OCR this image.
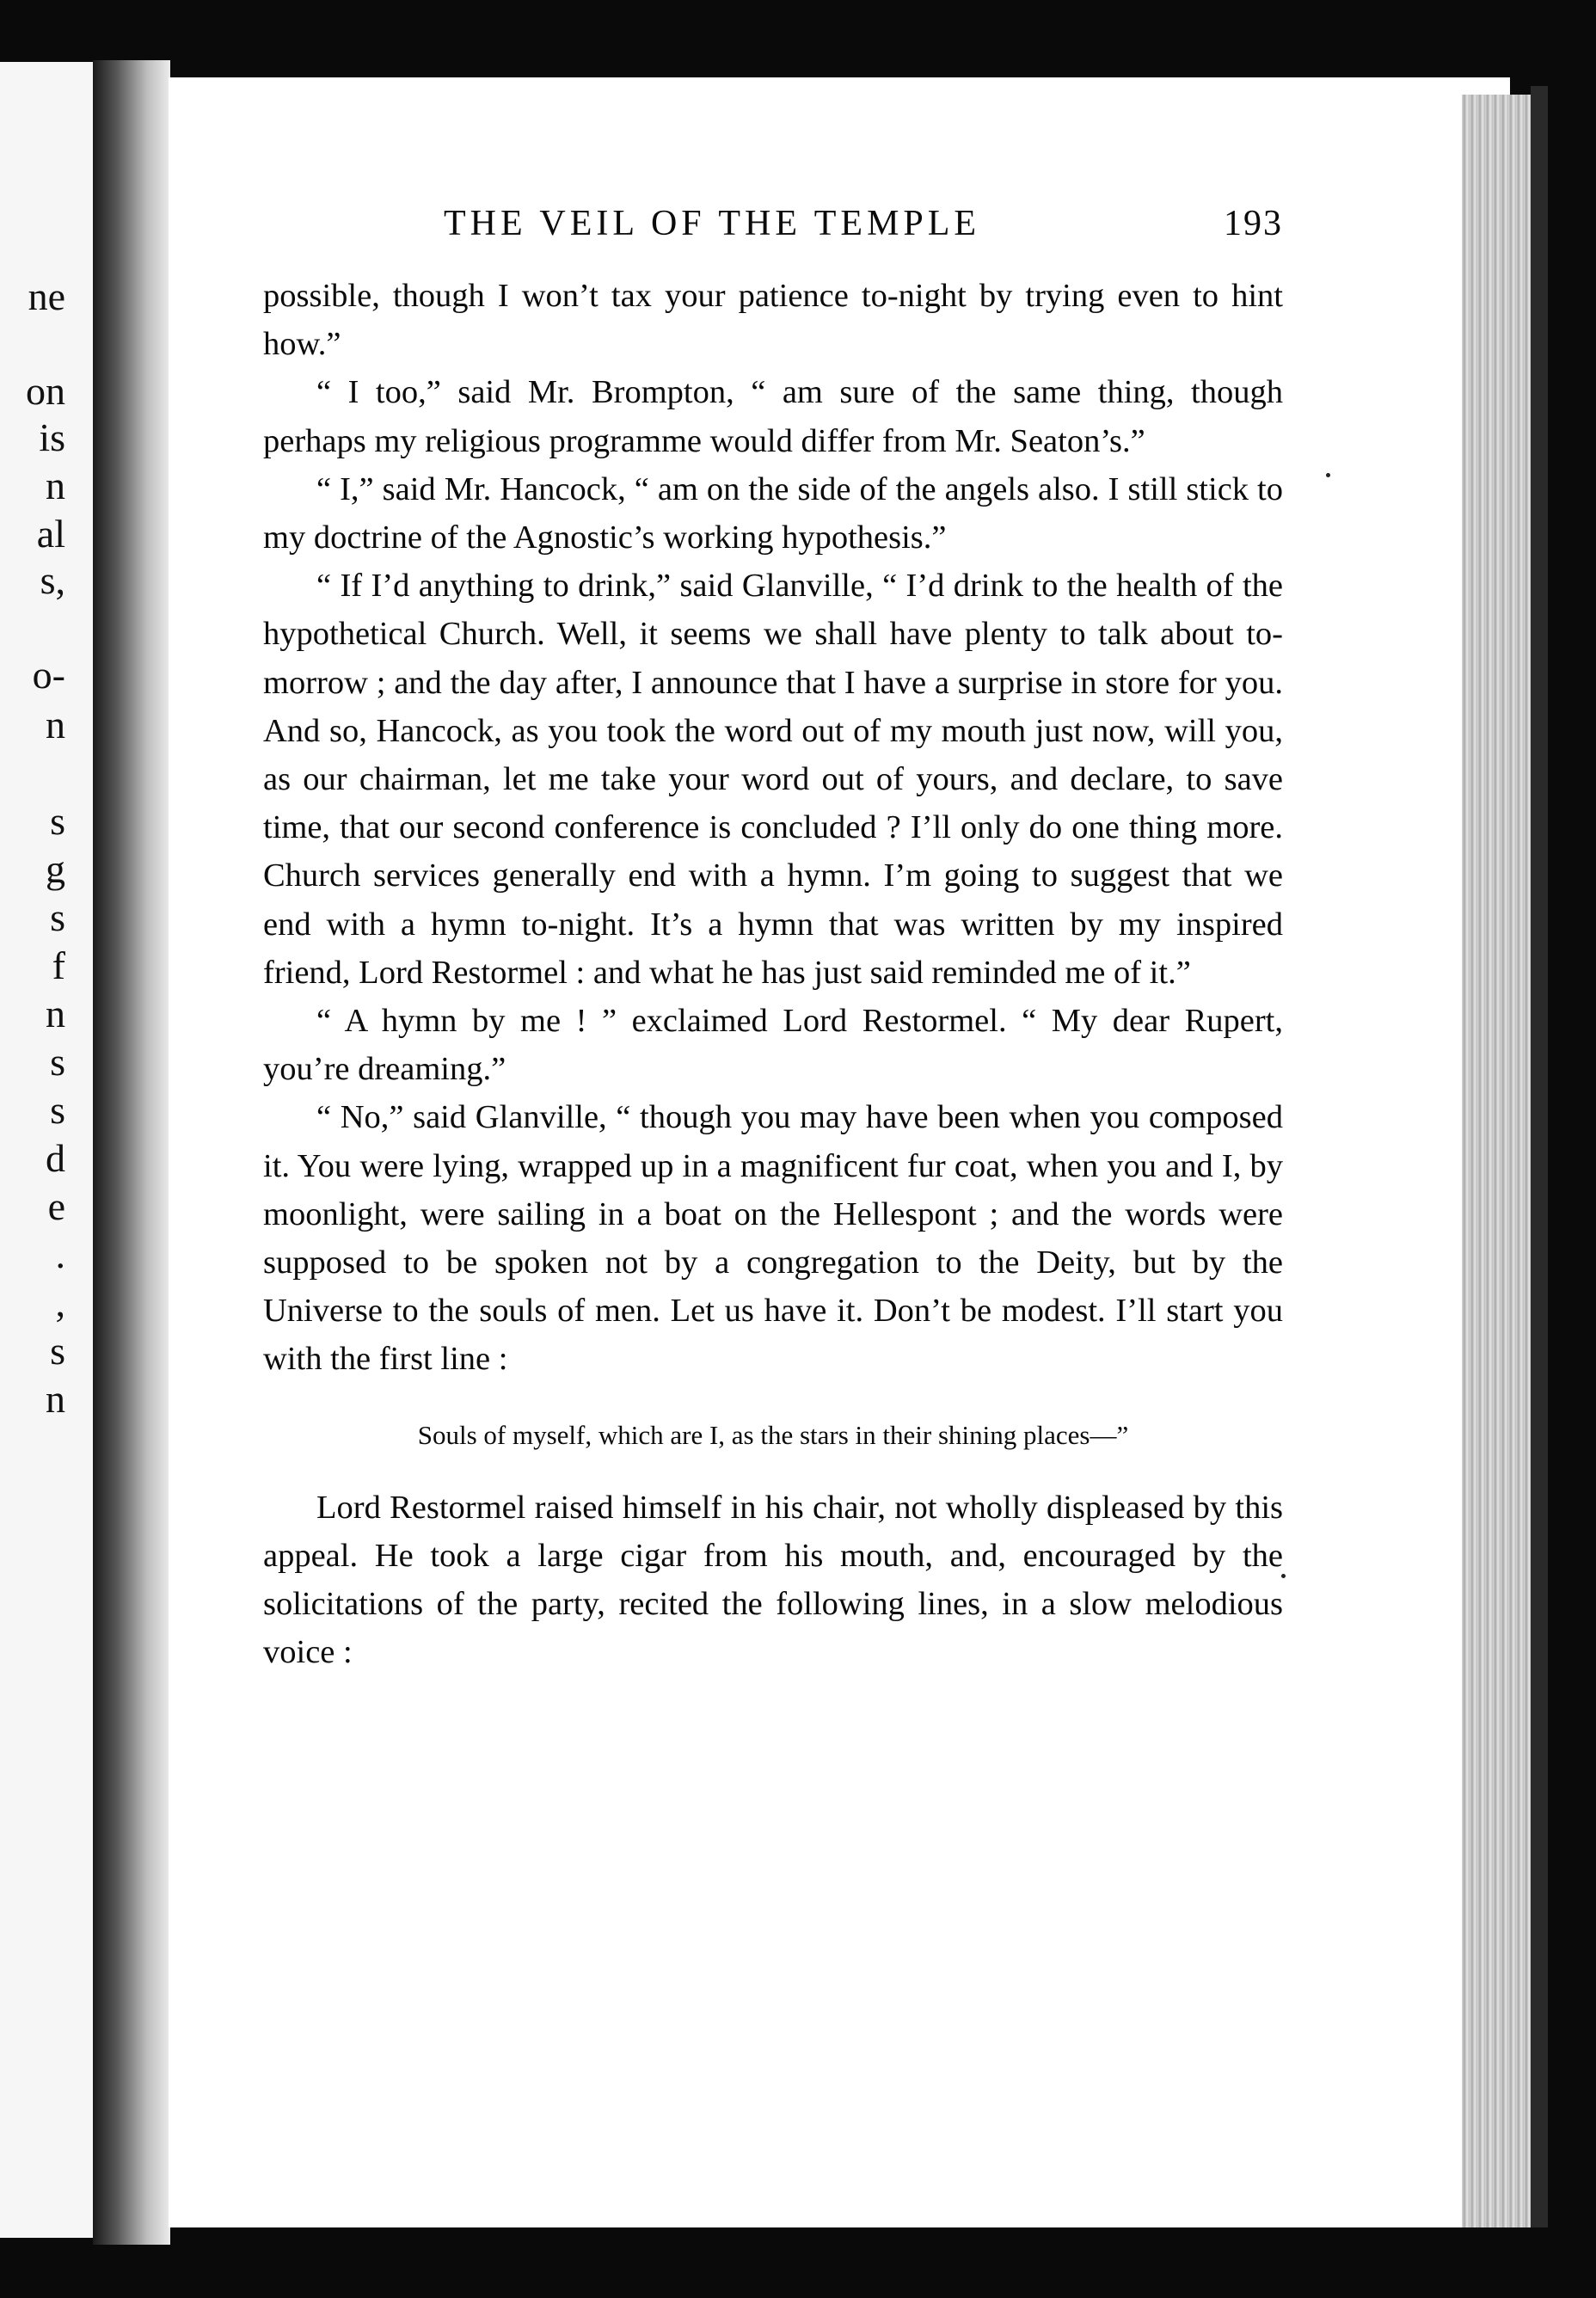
ne
on
is
n
al
s,
o-
n
s
g
s
f
n
s
s
d
e
.
,
s
n
THE VEIL OF THE TEMPLE	193

possible, though I won’t tax your patience to-night by trying even to hint how.”

“ I too,” said Mr. Brompton, “ am sure of the same thing, though perhaps my religious programme would differ from Mr. Seaton’s.”

“ I,” said Mr. Hancock, “ am on the side of the angels also. I still stick to my doctrine of the Agnostic’s working hypothesis.”

“ If I’d anything to drink,” said Glanville, “ I’d drink to the health of the hypothetical Church. Well, it seems we shall have plenty to talk about to-morrow ; and the day after, I announce that I have a surprise in store for you. And so, Hancock, as you took the word out of my mouth just now, will you, as our chairman, let me take your word out of yours, and declare, to save time, that our second conference is concluded ? I’ll only do one thing more. Church services generally end with a hymn. I’m going to suggest that we end with a hymn to-night. It’s a hymn that was written by my inspired friend, Lord Restormel : and what he has just said reminded me of it.”

“ A hymn by me ! ” exclaimed Lord Restormel. “ My dear Rupert, you’re dreaming.”

“ No,” said Glanville, “ though you may have been when you composed it. You were lying, wrapped up in a magnificent fur coat, when you and I, by moonlight, were sailing in a boat on the Hellespont ; and the words were supposed to be spoken not by a congregation to the Deity, but by the Universe to the souls of men. Let us have it. Don’t be modest. I’ll start you with the first line :

Souls of myself, which are I, as the stars in their shining places—”

Lord Restormel raised himself in his chair, not wholly displeased by this appeal. He took a large cigar from his mouth, and, encouraged by the solicitations of the party, recited the following lines, in a slow melodious voice :
